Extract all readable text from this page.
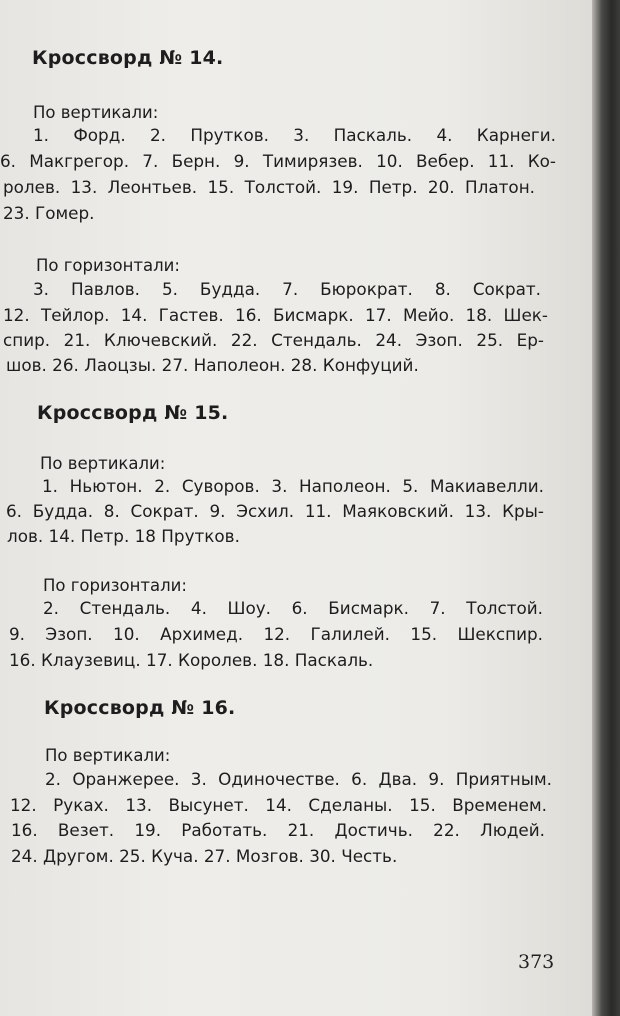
Кроссворд № 14.
По вертикали:
1. Форд. 2. Прутков. 3. Паскаль. 4. Карнеги.
6. Макгрегор. 7. Берн. 9. Тимирязев. 10. Вебер. 11. Ко-
ролев. 13. Леонтьев. 15. Толстой. 19. Петр. 20. Платон.
23. Гомер.
По горизонтали:
3. Павлов. 5. Будда. 7. Бюрократ. 8. Сократ.
12. Тейлор. 14. Гастев. 16. Бисмарк. 17. Мейо. 18. Шек-
спир. 21. Ключевский. 22. Стендаль. 24. Эзоп. 25. Ер-
шов. 26. Лаоцзы. 27. Наполеон. 28. Конфуций.
Кроссворд № 15.
По вертикали:
1. Ньютон. 2. Суворов. 3. Наполеон. 5. Макиавелли.
6. Будда. 8. Сократ. 9. Эсхил. 11. Маяковский. 13. Кры-
лов. 14. Петр. 18 Прутков.
По горизонтали:
2. Стендаль. 4. Шоу. 6. Бисмарк. 7. Толстой.
9. Эзоп. 10. Архимед. 12. Галилей. 15. Шекспир.
16. Клаузевиц. 17. Королев. 18. Паскаль.
Кроссворд № 16.
По вертикали:
2. Оранжерее. 3. Одиночестве. 6. Два. 9. Приятным.
12. Руках. 13. Высунет. 14. Сделаны. 15. Временем.
16. Везет. 19. Работать. 21. Достичь. 22. Людей.
24. Другом. 25. Куча. 27. Мозгов. 30. Честь.
373
